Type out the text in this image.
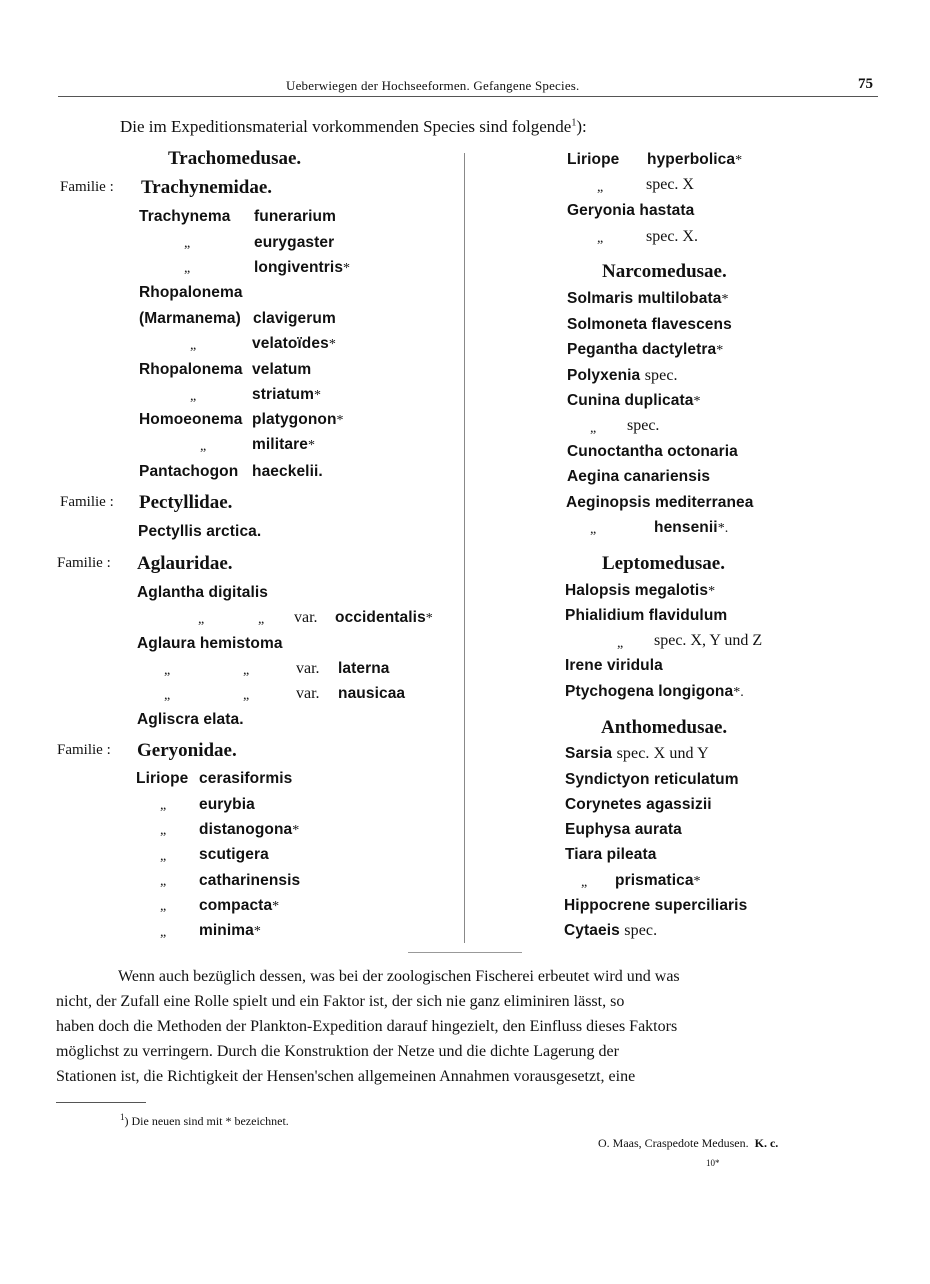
Ueberwiegen der Hochseeformen. Gefangene Species.	75
Die im Expeditionsmaterial vorkommenden Species sind folgende$^1$):
Trachomedusae.
Familie : Trachynemidae.
Trachynema funerarium
„	eurygaster
„	longiventris*
Rhopalonema
(Marmanema) clavigerum
„	velatoïdes*
Rhopalonema velatum
„	striatum*
Homoeonema platygonon*
„	militare*
Pantachogon haeckelii.
Familie : Pectyllidae.
Pectyllis arctica.
Familie : Aglauridae.
Aglantha digitalis
„	„ var. occidentalis*
Aglaura hemistoma
„	„	var. laterna
„	„	var. nausicaa
Agliscra elata.
Familie : Geryonidae.
Liriope cerasiformis
„ eurybia
„ distanogona*
„ scutigera
„ catharinensis
„ compacta*
„ minima*
Liriope hyperbolica*
„	spec. X
Geryonia hastata
„	spec. X.
Narcomedusae.
Solmaris multilobata*
Solmoneta flavescens
Pegantha dactyletra*
Polyxenia spec.
Cunina duplicata*
„ spec.
Cunoctantha octonaria
Aegina canariensis
Aeginopsis mediterranea
„	hensenii*.
Leptomedusae.
Halopsis megalotis*
Phialidium flavidulum
„ spec. X, Y und Z
Irene viridula
Ptychogena longigona*.
Anthomedusae.
Sarsia spec. X und Y
Syndictyon reticulatum
Corynetes agassizii
Euphysa aurata
Tiara pileata
„ prismatica*
Hippocrene superciliaris
Cytaeis spec.
Wenn auch bezüglich dessen, was bei der zoologischen Fischerei erbeutet wird und was
nicht, der Zufall eine Rolle spielt und ein Faktor ist, der sich nie ganz eliminiren lässt, so
haben doch die Methoden der Plankton-Expedition darauf hingezielt, den Einfluss dieses Faktors
möglichst zu verringern. Durch die Konstruktion der Netze und die dichte Lagerung der
Stationen ist, die Richtigkeit der Hensen'schen allgemeinen Annahmen vorausgesetzt, eine
$^1$) Die neuen sind mit * bezeichnet.
O. Maas, Craspedote Medusen. K. c.
10*
